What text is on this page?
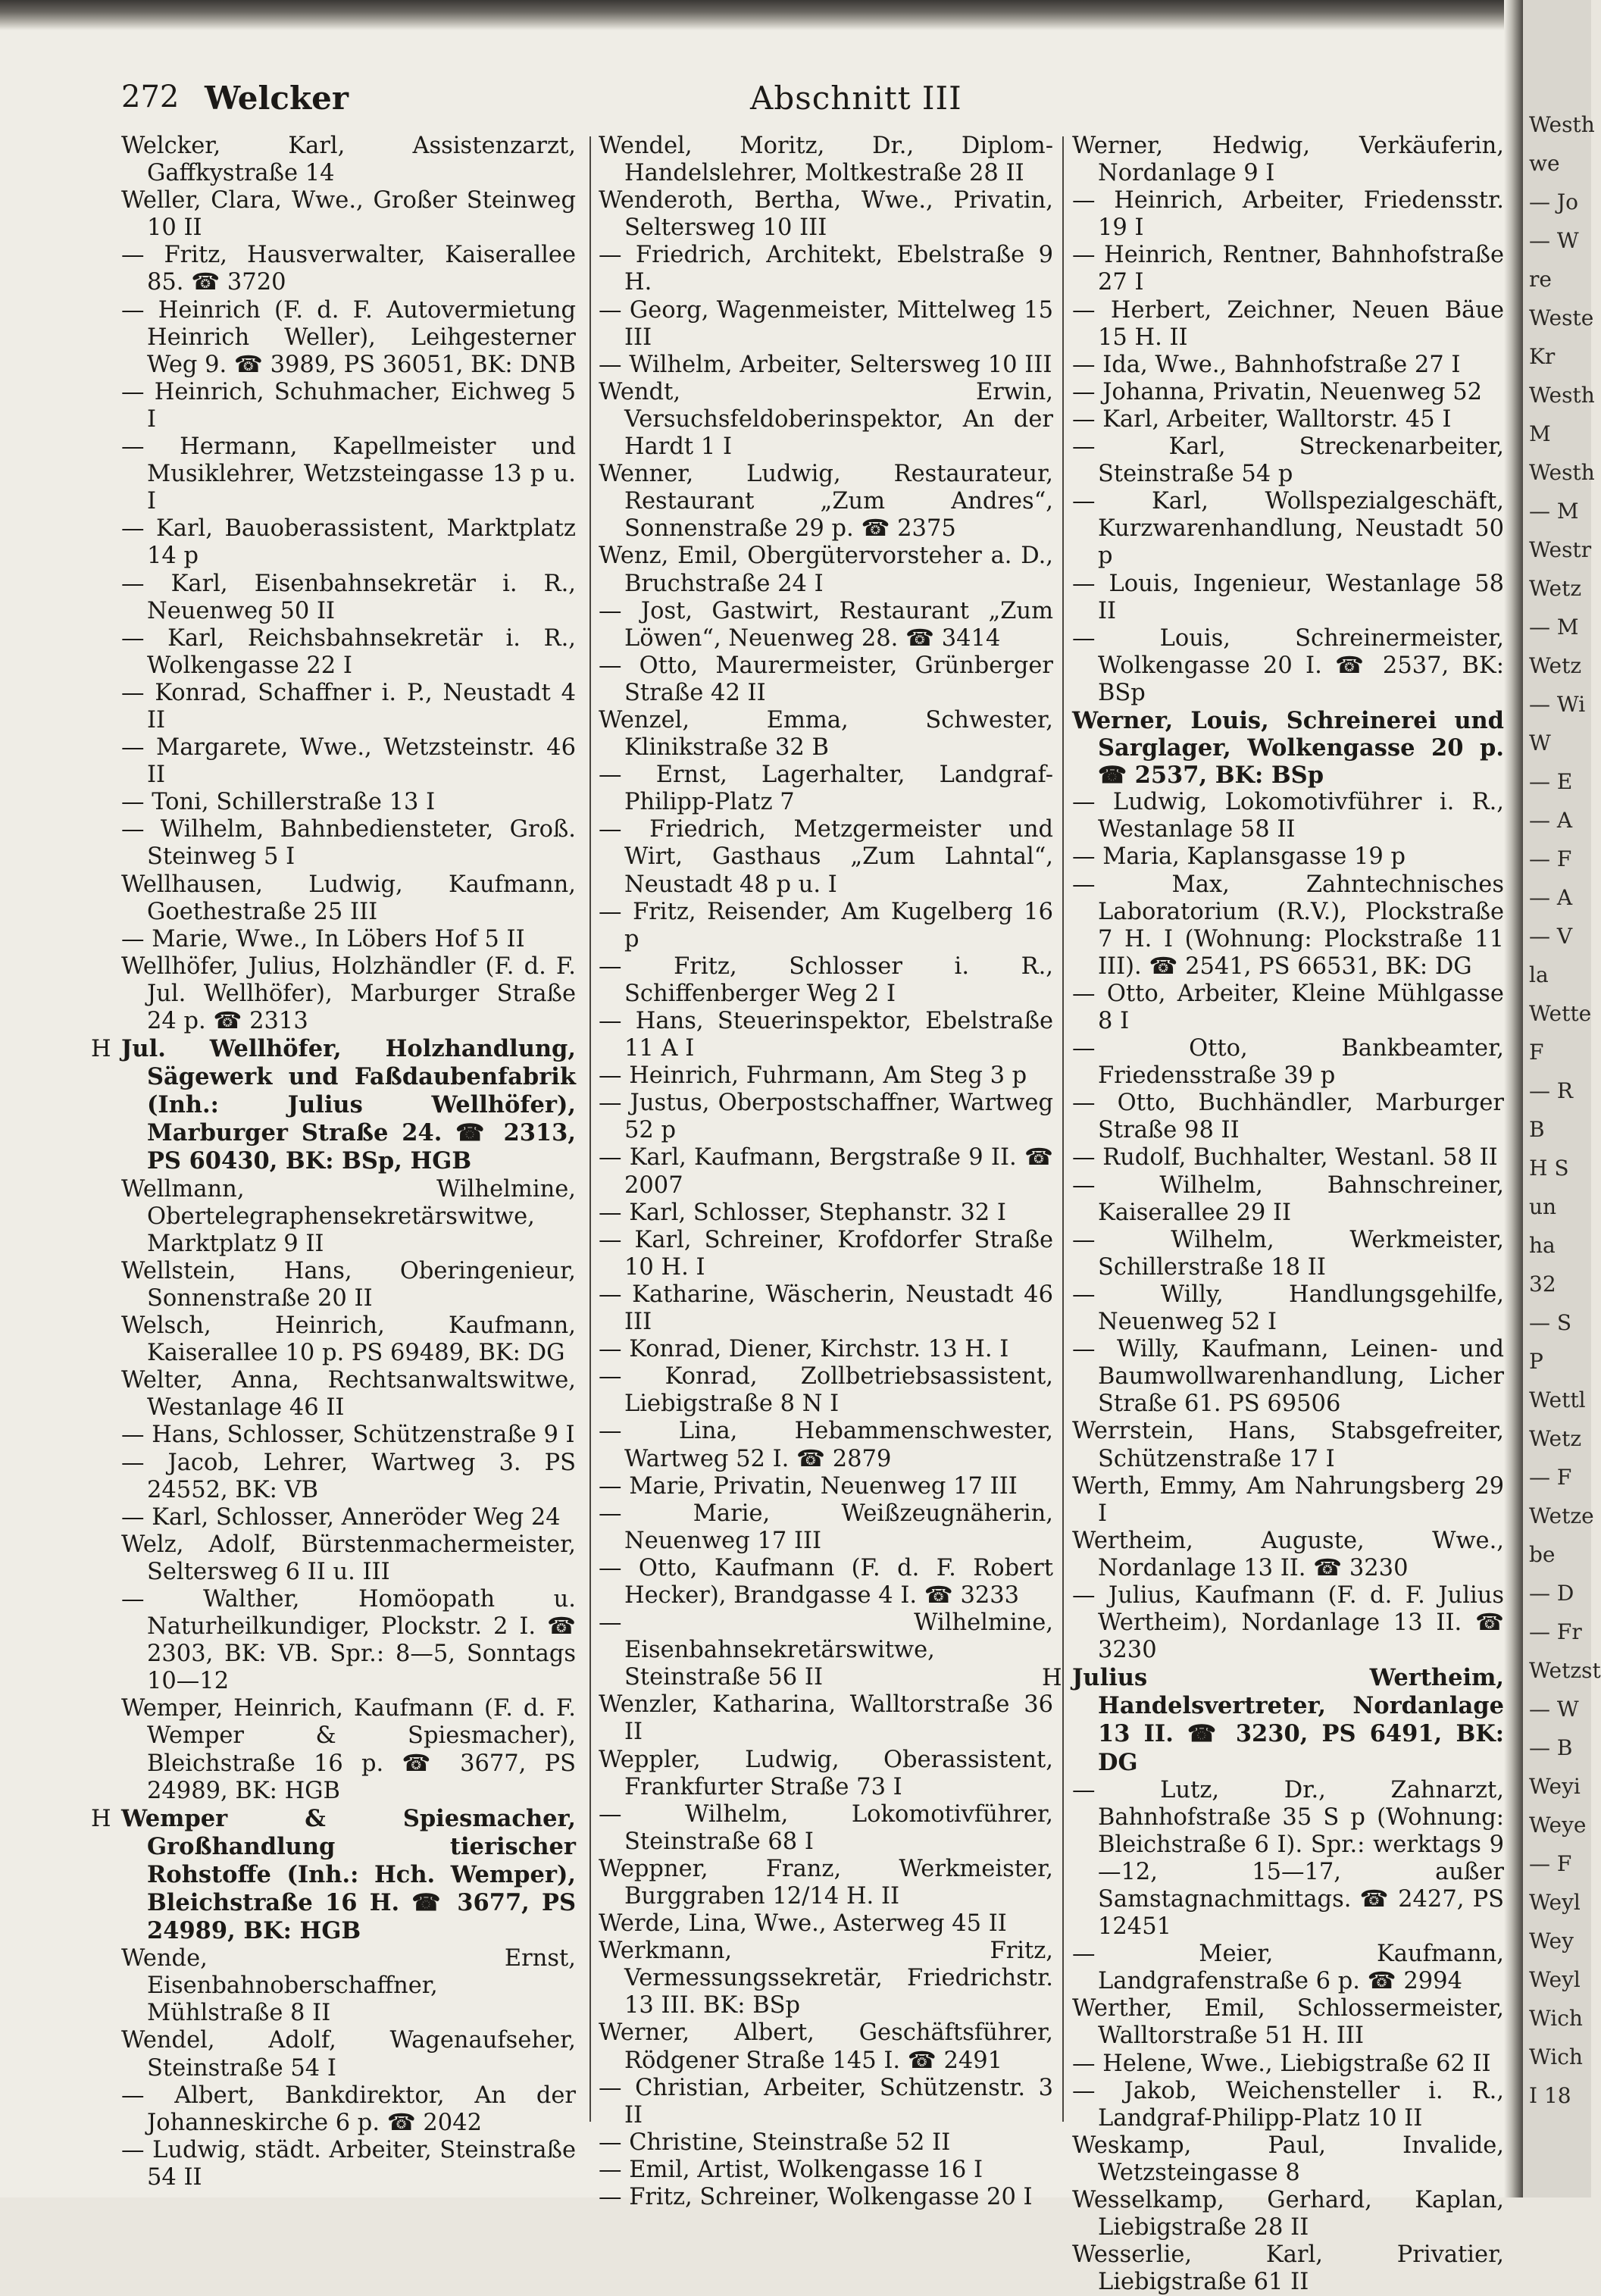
272 Welcker	Abschnitt III

Welcker, Karl, Assistenzarzt, Gaffkystraße 14

Weller, Clara, Wwe., Großer Steinweg 10 II

— Fritz, Hausverwalter, Kaiserallee 85. ☎ 3720

— Heinrich (F. d. F. Autovermietung Heinrich Weller), Leihgesterner Weg 9. ☎ 3989, PS 36051, BK: DNB

— Heinrich, Schuhmacher, Eichweg 5 I

— Hermann, Kapellmeister und Musiklehrer, Wetzsteingasse 13 p u. I

— Karl, Bauoberassistent, Marktplatz 14 p

— Karl, Eisenbahnsekretär i. R., Neuenweg 50 II

— Karl, Reichsbahnsekretär i. R., Wolkengasse 22 I

— Konrad, Schaffner i. P., Neustadt 4 II

— Margarete, Wwe., Wetzsteinstr. 46 II

— Toni, Schillerstraße 13 I

— Wilhelm, Bahnbediensteter, Groß. Steinweg 5 I

Wellhausen, Ludwig, Kaufmann, Goethestraße 25 III

— Marie, Wwe., In Löbers Hof 5 II

Wellhöfer, Julius, Holzhändler (F. d. F. Jul. Wellhöfer), Marburger Straße 24 p. ☎ 2313

H Jul. Wellhöfer, Holzhandlung, Sägewerk und Faßdaubenfabrik (Inh.: Julius Wellhöfer), Marburger Straße 24. ☎ 2313, PS 60430, BK: BSp, HGB

Wellmann, Wilhelmine, Obertelegraphensekretärswitwe, Marktplatz 9 II

Wellstein, Hans, Oberingenieur, Sonnenstraße 20 II

Welsch, Heinrich, Kaufmann, Kaiserallee 10 p. PS 69489, BK: DG

Welter, Anna, Rechtsanwaltswitwe, Westanlage 46 II

— Hans, Schlosser, Schützenstraße 9 I

— Jacob, Lehrer, Wartweg 3. PS 24552, BK: VB

— Karl, Schlosser, Anneröder Weg 24

Welz, Adolf, Bürstenmachermeister, Seltersweg 6 II u. III

— Walther, Homöopath u. Naturheilkundiger, Plockstr. 2 I. ☎ 2303, BK: VB. Spr.: 8—5, Sonntags 10—12

Wemper, Heinrich, Kaufmann (F. d. F. Wemper & Spiesmacher), Bleichstraße 16 p. ☎ 3677, PS 24989, BK: HGB

H Wemper & Spiesmacher, Großhandlung tierischer Rohstoffe (Inh.: Hch. Wemper), Bleichstraße 16 H. ☎ 3677, PS 24989, BK: HGB

Wende, Ernst, Eisenbahnoberschaffner, Mühlstraße 8 II

Wendel, Adolf, Wagenaufseher, Steinstraße 54 I

— Albert, Bankdirektor, An der Johanneskirche 6 p. ☎ 2042

— Ludwig, städt. Arbeiter, Steinstraße 54 II

Wendel, Moritz, Dr., Diplom-Handelslehrer, Moltkestraße 28 II

Wenderoth, Bertha, Wwe., Privatin, Seltersweg 10 III

— Friedrich, Architekt, Ebelstraße 9 H.

— Georg, Wagenmeister, Mittelweg 15 III

— Wilhelm, Arbeiter, Seltersweg 10 III

Wendt, Erwin, Versuchsfeldoberinspektor, An der Hardt 1 I

Wenner, Ludwig, Restaurateur, Restaurant „Zum Andres“, Sonnenstraße 29 p. ☎ 2375

Wenz, Emil, Obergütervorsteher a. D., Bruchstraße 24 I

— Jost, Gastwirt, Restaurant „Zum Löwen“, Neuenweg 28. ☎ 3414

— Otto, Maurermeister, Grünberger Straße 42 II

Wenzel, Emma, Schwester, Klinikstraße 32 B

— Ernst, Lagerhalter, Landgraf-Philipp-Platz 7

— Friedrich, Metzgermeister und Wirt, Gasthaus „Zum Lahntal“, Neustadt 48 p u. I

— Fritz, Reisender, Am Kugelberg 16 p

— Fritz, Schlosser i. R., Schiffenberger Weg 2 I

— Hans, Steuerinspektor, Ebelstraße 11 A I

— Heinrich, Fuhrmann, Am Steg 3 p

— Justus, Oberpostschaffner, Wartweg 52 p

— Karl, Kaufmann, Bergstraße 9 II. ☎ 2007

— Karl, Schlosser, Stephanstr. 32 I

— Karl, Schreiner, Krofdorfer Straße 10 H. I

— Katharine, Wäscherin, Neustadt 46 III

— Konrad, Diener, Kirchstr. 13 H. I

— Konrad, Zollbetriebsassistent, Liebigstraße 8 N I

— Lina, Hebammenschwester, Wartweg 52 I. ☎ 2879

— Marie, Privatin, Neuenweg 17 III

— Marie, Weißzeugnäherin, Neuenweg 17 III

— Otto, Kaufmann (F. d. F. Robert Hecker), Brandgasse 4 I. ☎ 3233

— Wilhelmine, Eisenbahnsekretärswitwe, Steinstraße 56 II

Wenzler, Katharina, Walltorstraße 36 II

Weppler, Ludwig, Oberassistent, Frankfurter Straße 73 I

— Wilhelm, Lokomotivführer, Steinstraße 68 I

Weppner, Franz, Werkmeister, Burggraben 12/14 H. II

Werde, Lina, Wwe., Asterweg 45 II

Werkmann, Fritz, Vermessungssekretär, Friedrichstr. 13 III. BK: BSp

Werner, Albert, Geschäftsführer, Rödgener Straße 145 I. ☎ 2491

— Christian, Arbeiter, Schützenstr. 3 II

— Christine, Steinstraße 52 II

— Emil, Artist, Wolkengasse 16 I

— Fritz, Schreiner, Wolkengasse 20 I

Werner, Hedwig, Verkäuferin, Nordanlage 9 I

— Heinrich, Arbeiter, Friedensstr. 19 I

— Heinrich, Rentner, Bahnhofstraße 27 I

— Herbert, Zeichner, Neuen Bäue 15 H. II

— Ida, Wwe., Bahnhofstraße 27 I

— Johanna, Privatin, Neuenweg 52

— Karl, Arbeiter, Walltorstr. 45 I

— Karl, Streckenarbeiter, Steinstraße 54 p

— Karl, Wollspezialgeschäft, Kurzwarenhandlung, Neustadt 50 p

— Louis, Ingenieur, Westanlage 58 II

— Louis, Schreinermeister, Wolkengasse 20 I. ☎ 2537, BK: BSp

Werner, Louis, Schreinerei und Sarglager, Wolkengasse 20 p. ☎ 2537, BK: BSp

— Ludwig, Lokomotivführer i. R., Westanlage 58 II

— Maria, Kaplansgasse 19 p

— Max, Zahntechnisches Laboratorium (R.V.), Plockstraße 7 H. I (Wohnung: Plockstraße 11 III). ☎ 2541, PS 66531, BK: DG

— Otto, Arbeiter, Kleine Mühlgasse 8 I

— Otto, Bankbeamter, Friedensstraße 39 p

— Otto, Buchhändler, Marburger Straße 98 II

— Rudolf, Buchhalter, Westanl. 58 II

— Wilhelm, Bahnschreiner, Kaiserallee 29 II

— Wilhelm, Werkmeister, Schillerstraße 18 II

— Willy, Handlungsgehilfe, Neuenweg 52 I

— Willy, Kaufmann, Leinen- und Baumwollwarenhandlung, Licher Straße 61. PS 69506

Werrstein, Hans, Stabsgefreiter, Schützenstraße 17 I

Werth, Emmy, Am Nahrungsberg 29 I

Wertheim, Auguste, Wwe., Nordanlage 13 II. ☎ 3230

— Julius, Kaufmann (F. d. F. Julius Wertheim), Nordanlage 13 II. ☎ 3230

H Julius Wertheim, Handelsvertreter, Nordanlage 13 II. ☎ 3230, PS 6491, BK: DG

— Lutz, Dr., Zahnarzt, Bahnhofstraße 35 S p (Wohnung: Bleichstraße 6 I). Spr.: werktags 9—12, 15—17, außer Samstagnachmittags. ☎ 2427, PS 12451

— Meier, Kaufmann, Landgrafenstraße 6 p. ☎ 2994

Werther, Emil, Schlossermeister, Walltorstraße 51 H. III

— Helene, Wwe., Liebigstraße 62 II

— Jakob, Weichensteller i. R., Landgraf-Philipp-Platz 10 II

Weskamp, Paul, Invalide, Wetzsteingasse 8

Wesselkamp, Gerhard, Kaplan, Liebigstraße 28 II

Wesserlie, Karl, Privatier, Liebigstraße 61 II

Westh
we
— Jo
— W
re
Weste
Kr
Westh
M
Westh
— M
Westr
Wetz
— M
Wetz
— Wi
W
— E
— A
— F
— A
— V
la
Wette
F
— R
B
H S
un
ha
32
— S
P
Wettl
Wetz
— F
Wetze
be
— D
— Fr
Wetzst
— W
— B
Weyi
Weye
— F
Weyl
Wey
Weyl
Wich
Wich
I 18
